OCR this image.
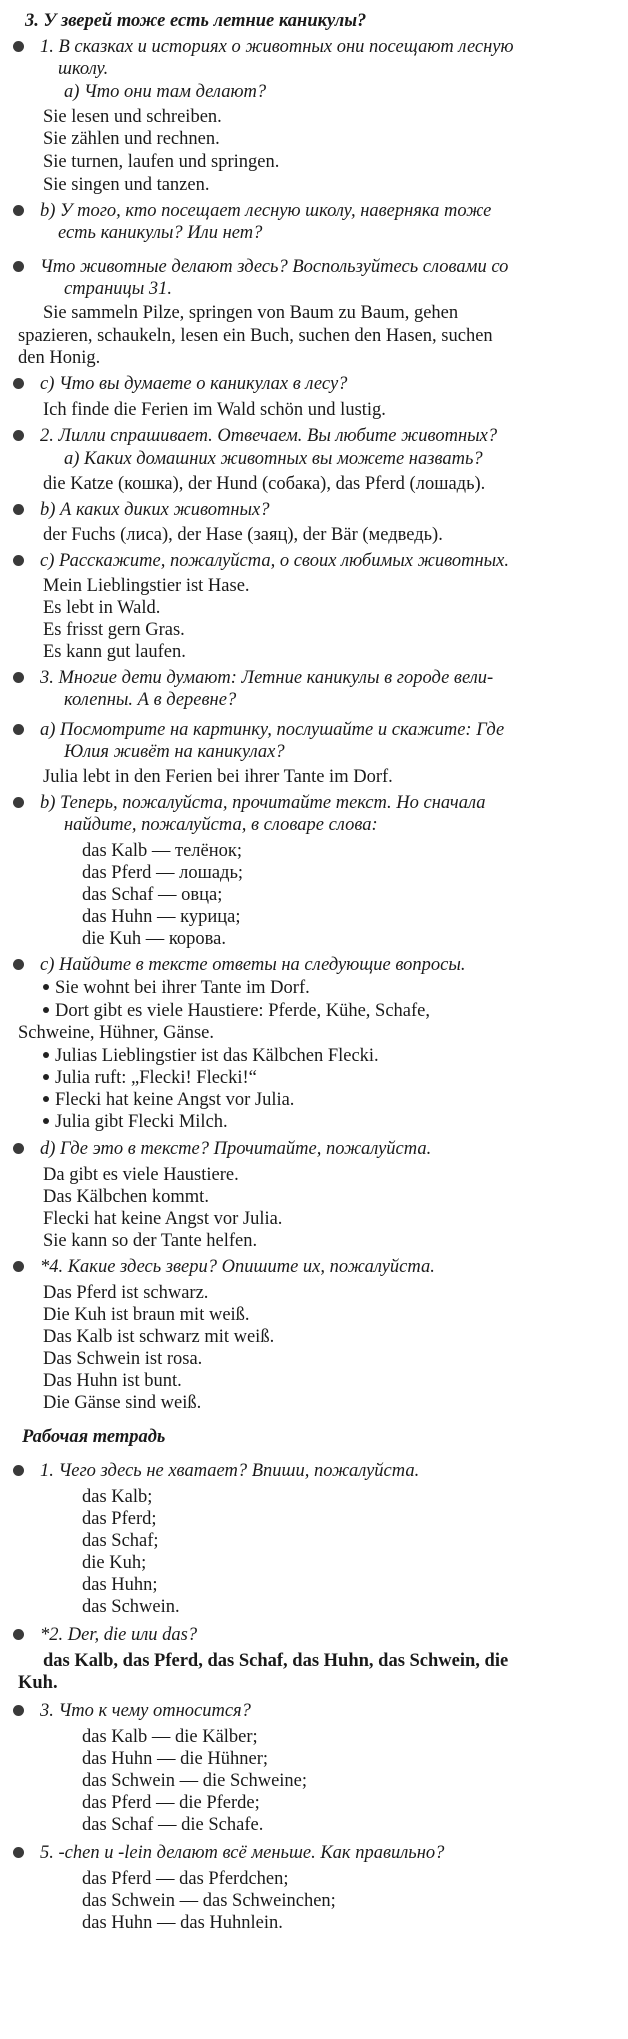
3. У зверей тоже есть летние каникулы?
1. В сказках и историях о животных они посещают лесную
школу.
а) Что они там делают?
Sie lesen und schreiben.
Sie zählen und rechnen.
Sie turnen, laufen und springen.
Sie singen und tanzen.
b) У того, кто посещает лесную школу, наверняка тоже
есть каникулы? Или нет?
Что животные делают здесь? Воспользуйтесь словами со
страницы 31.
Sie sammeln Pilze, springen von Baum zu Baum, gehen
spazieren, schaukeln, lesen ein Buch, suchen den Hasen, suchen
den Honig.
c) Что вы думаете о каникулах в лесу?
Ich finde die Ferien im Wald schön und lustig.
2. Лилли спрашивает. Отвечаем. Вы любите животных?
а) Каких домашних животных вы можете назвать?
die Katze (кошка), der Hund (собака), das Pferd (лошадь).
b) А каких диких животных?
der Fuchs (лиса), der Hase (заяц), der Bär (медведь).
c) Расскажите, пожалуйста, о своих любимых животных.
Mein Lieblingstier ist Hase.
Es lebt in Wald.
Es frisst gern Gras.
Es kann gut laufen.
3. Многие дети думают: Летние каникулы в городе вели-
колепны. А в деревне?
а) Посмотрите на картинку, послушайте и скажите: Где
Юлия живёт на каникулах?
Julia lebt in den Ferien bei ihrer Tante im Dorf.
b) Теперь, пожалуйста, прочитайте текст. Но сначала
найдите, пожалуйста, в словаре слова:
das Kalb — телёнок;
das Pferd — лошадь;
das Schaf — овца;
das Huhn — курица;
die Kuh — корова.
c) Найдите в тексте ответы на следующие вопросы.
Sie wohnt bei ihrer Tante im Dorf.
Dort gibt es viele Haustiere: Pferde, Kühe, Schafe,
Schweine, Hühner, Gänse.
Julias Lieblingstier ist das Kälbchen Flecki.
Julia ruft: „Flecki! Flecki!“
Flecki hat keine Angst vor Julia.
Julia gibt Flecki Milch.
d) Где это в тексте? Прочитайте, пожалуйста.
Da gibt es viele Haustiere.
Das Kälbchen kommt.
Flecki hat keine Angst vor Julia.
Sie kann so der Tante helfen.
*4. Какие здесь звери? Опишите их, пожалуйста.
Das Pferd ist schwarz.
Die Kuh ist braun mit weiß.
Das Kalb ist schwarz mit weiß.
Das Schwein ist rosa.
Das Huhn ist bunt.
Die Gänse sind weiß.
Рабочая тетрадь
1. Чего здесь не хватает? Впиши, пожалуйста.
das Kalb;
das Pferd;
das Schaf;
die Kuh;
das Huhn;
das Schwein.
*2. Der, die или das?
das Kalb, das Pferd, das Schaf, das Huhn, das Schwein, die
Kuh.
3. Что к чему относится?
das Kalb — die Kälber;
das Huhn — die Hühner;
das Schwein — die Schweine;
das Pferd — die Pferde;
das Schaf — die Schafe.
5. -chen и -lein делают всё меньше. Как правильно?
das Pferd — das Pferdchen;
das Schwein — das Schweinchen;
das Huhn — das Huhnlein.
